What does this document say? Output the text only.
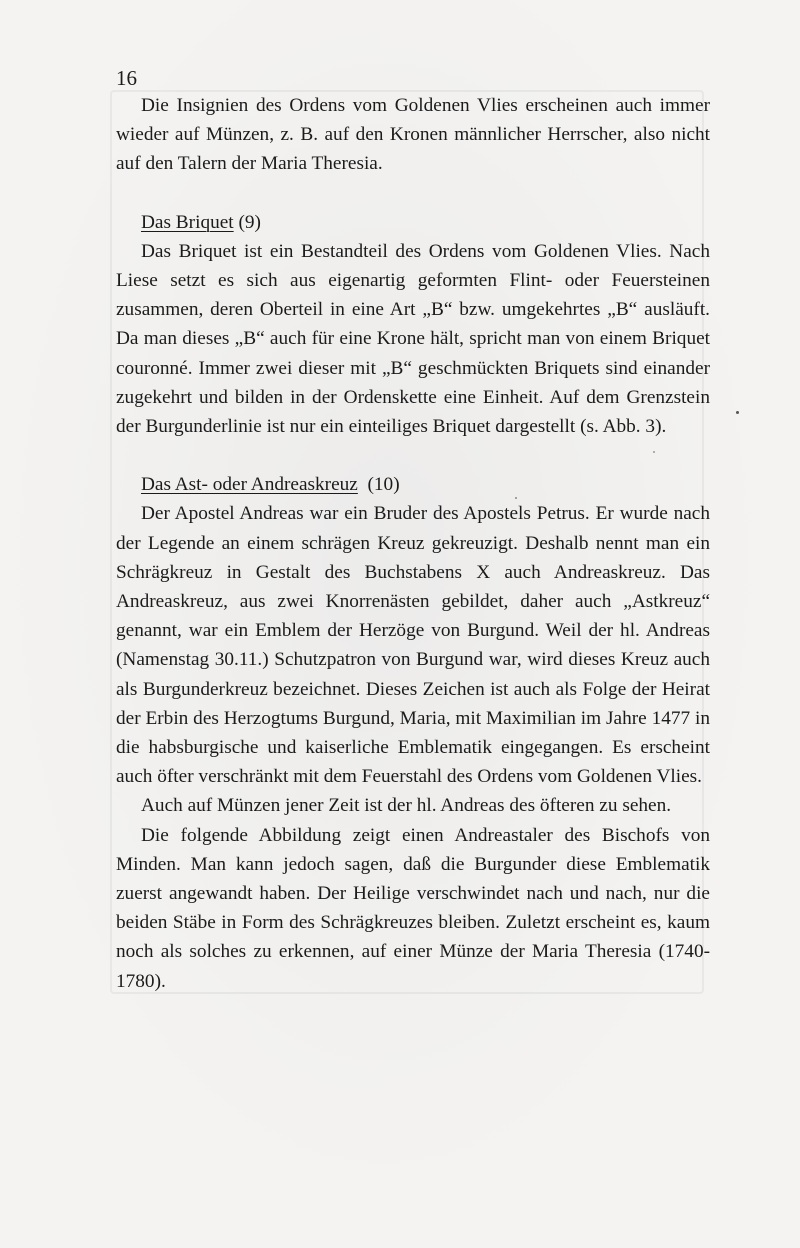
16

Die Insignien des Ordens vom Goldenen Vlies erscheinen auch immer wieder auf Münzen, z. B. auf den Kronen männlicher Herrscher, also nicht auf den Talern der Maria Theresia.

Das Briquet (9)

Das Briquet ist ein Bestandteil des Ordens vom Goldenen Vlies. Nach Liese setzt es sich aus eigenartig geformten Flint- oder Feuersteinen zusammen, deren Oberteil in eine Art „B“ bzw. umgekehrtes „B“ ausläuft. Da man dieses „B“ auch für eine Krone hält, spricht man von einem Briquet couronné. Immer zwei dieser mit „B“ geschmückten Briquets sind einander zugekehrt und bilden in der Ordenskette eine Einheit. Auf dem Grenzstein der Burgunderlinie ist nur ein einteiliges Briquet dargestellt (s. Abb. 3).

Das Ast- oder Andreaskreuz (10)

Der Apostel Andreas war ein Bruder des Apostels Petrus. Er wurde nach der Legende an einem schrägen Kreuz gekreuzigt. Deshalb nennt man ein Schrägkreuz in Gestalt des Buchstabens X auch Andreaskreuz. Das Andreaskreuz, aus zwei Knorrenästen gebildet, daher auch „Astkreuz“ genannt, war ein Emblem der Herzöge von Burgund. Weil der hl. Andreas (Namenstag 30.11.) Schutzpatron von Burgund war, wird dieses Kreuz auch als Burgunderkreuz bezeichnet. Dieses Zeichen ist auch als Folge der Heirat der Erbin des Herzogtums Burgund, Maria, mit Maximilian im Jahre 1477 in die habsburgische und kaiserliche Emblematik eingegangen. Es erscheint auch öfter verschränkt mit dem Feuerstahl des Ordens vom Goldenen Vlies.

Auch auf Münzen jener Zeit ist der hl. Andreas des öfteren zu sehen.

Die folgende Abbildung zeigt einen Andreastaler des Bischofs von Minden. Man kann jedoch sagen, daß die Burgunder diese Emblematik zuerst angewandt haben. Der Heilige verschwindet nach und nach, nur die beiden Stäbe in Form des Schrägkreuzes bleiben. Zuletzt erscheint es, kaum noch als solches zu erkennen, auf einer Münze der Maria Theresia (1740-1780).
